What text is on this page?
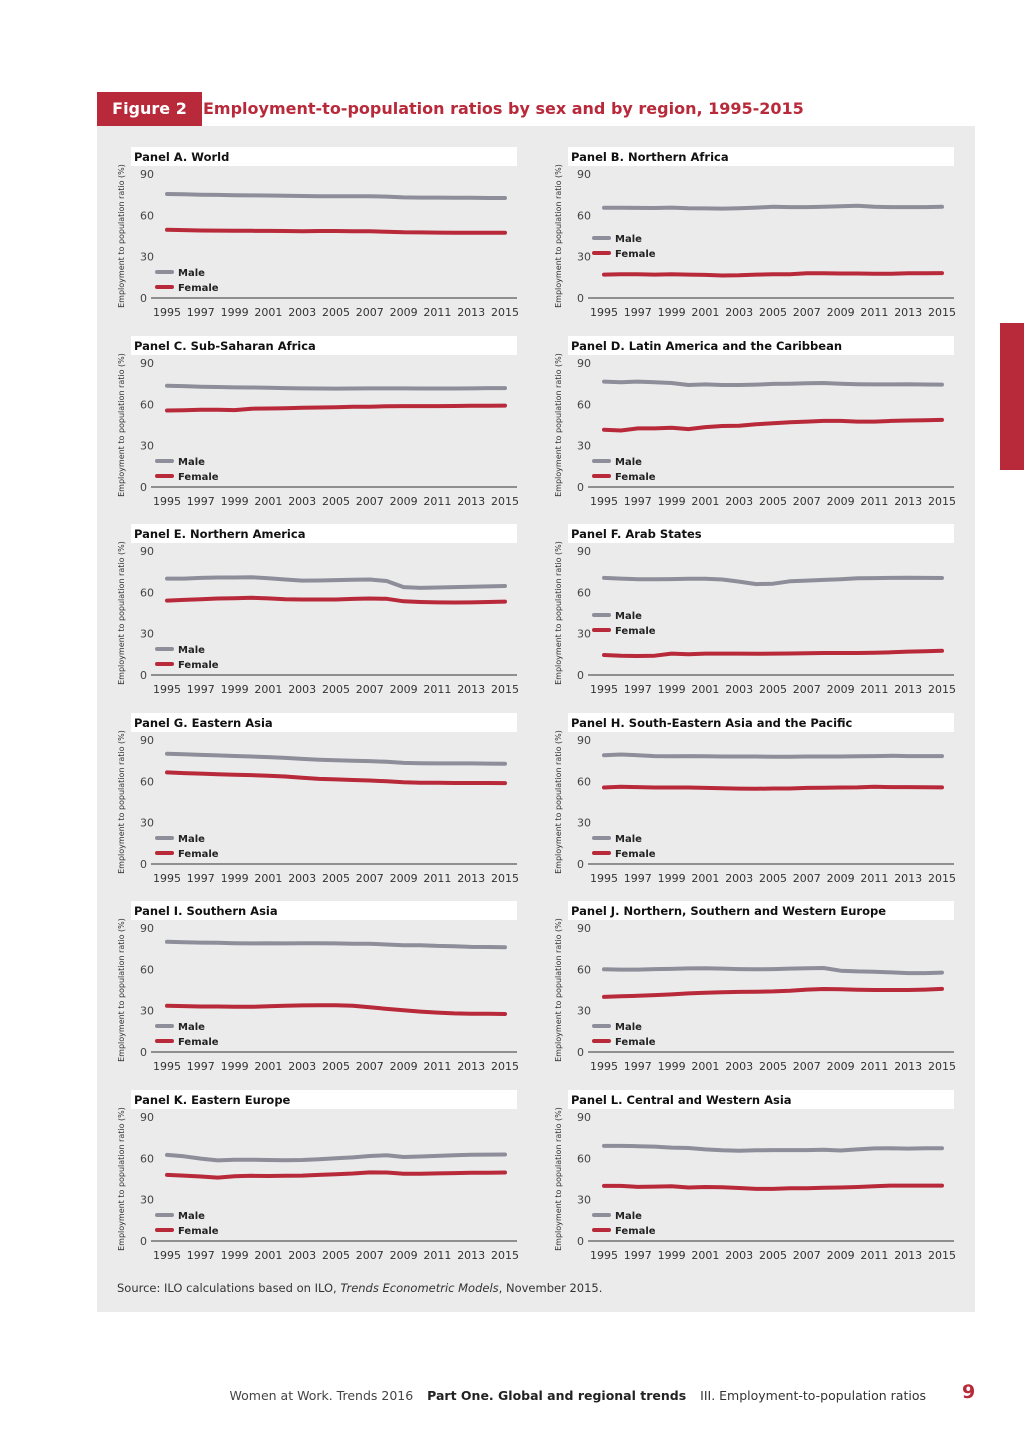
Figure 2	Employment-to-population ratios by sex and by region, 1995-2015
Panel A. World
Employment to population ratio (%) 0
30
60
90
1995 1997 1999 2001 2003 2005 2007 2009 2011 2013 2015
Male
Female
Panel B. Northern Africa
Employment to population ratio (%) 0
30
60
90
1995 1997 1999 2001 2003 2005 2007 2009 2011 2013 2015
Male
Female
Panel C. Sub-Saharan Africa
Employment to population ratio (%) 0
30
60
90
1995 1997 1999 2001 2003 2005 2007 2009 2011 2013 2015
Male
Female
Panel D. Latin America and the Caribbean
Employment to population ratio (%) 0
30
60
90
1995 1997 1999 2001 2003 2005 2007 2009 2011 2013 2015
Male
Female
Panel E. Northern America
Employment to population ratio (%) 0
30
60
90
1995 1997 1999 2001 2003 2005 2007 2009 2011 2013 2015
Male
Female
Panel F. Arab States
Employment to population ratio (%) 0
30
60
90
1995 1997 1999 2001 2003 2005 2007 2009 2011 2013 2015
Male
Female
Panel G. Eastern Asia
Employment to population ratio (%) 0
30
60
90
1995 1997 1999 2001 2003 2005 2007 2009 2011 2013 2015
Male
Female
Panel H. South-Eastern Asia and the Pacific
Employment to population ratio (%) 0
30
60
90
1995 1997 1999 2001 2003 2005 2007 2009 2011 2013 2015
Male
Female
Panel I. Southern Asia
Employment to population ratio (%) 0
30
60
90
1995 1997 1999 2001 2003 2005 2007 2009 2011 2013 2015
Male
Female
Panel J. Northern, Southern and Western Europe
Employment to population ratio (%) 0
30
60
90
1995 1997 1999 2001 2003 2005 2007 2009 2011 2013 2015
Male
Female
Panel K. Eastern Europe
Employment to population ratio (%) 0
30
60
90
1995 1997 1999 2001 2003 2005 2007 2009 2011 2013 2015
Male
Female
Panel L. Central and Western Asia
Employment to population ratio (%) 0
30
60
90
1995 1997 1999 2001 2003 2005 2007 2009 2011 2013 2015
Male
Female
Source: ILO calculations based on ILO, Trends Econometric Models, November 2015.
Women at Work. Trends 2016 Part One. Global and regional trends III. Employment-to-population ratios 9
